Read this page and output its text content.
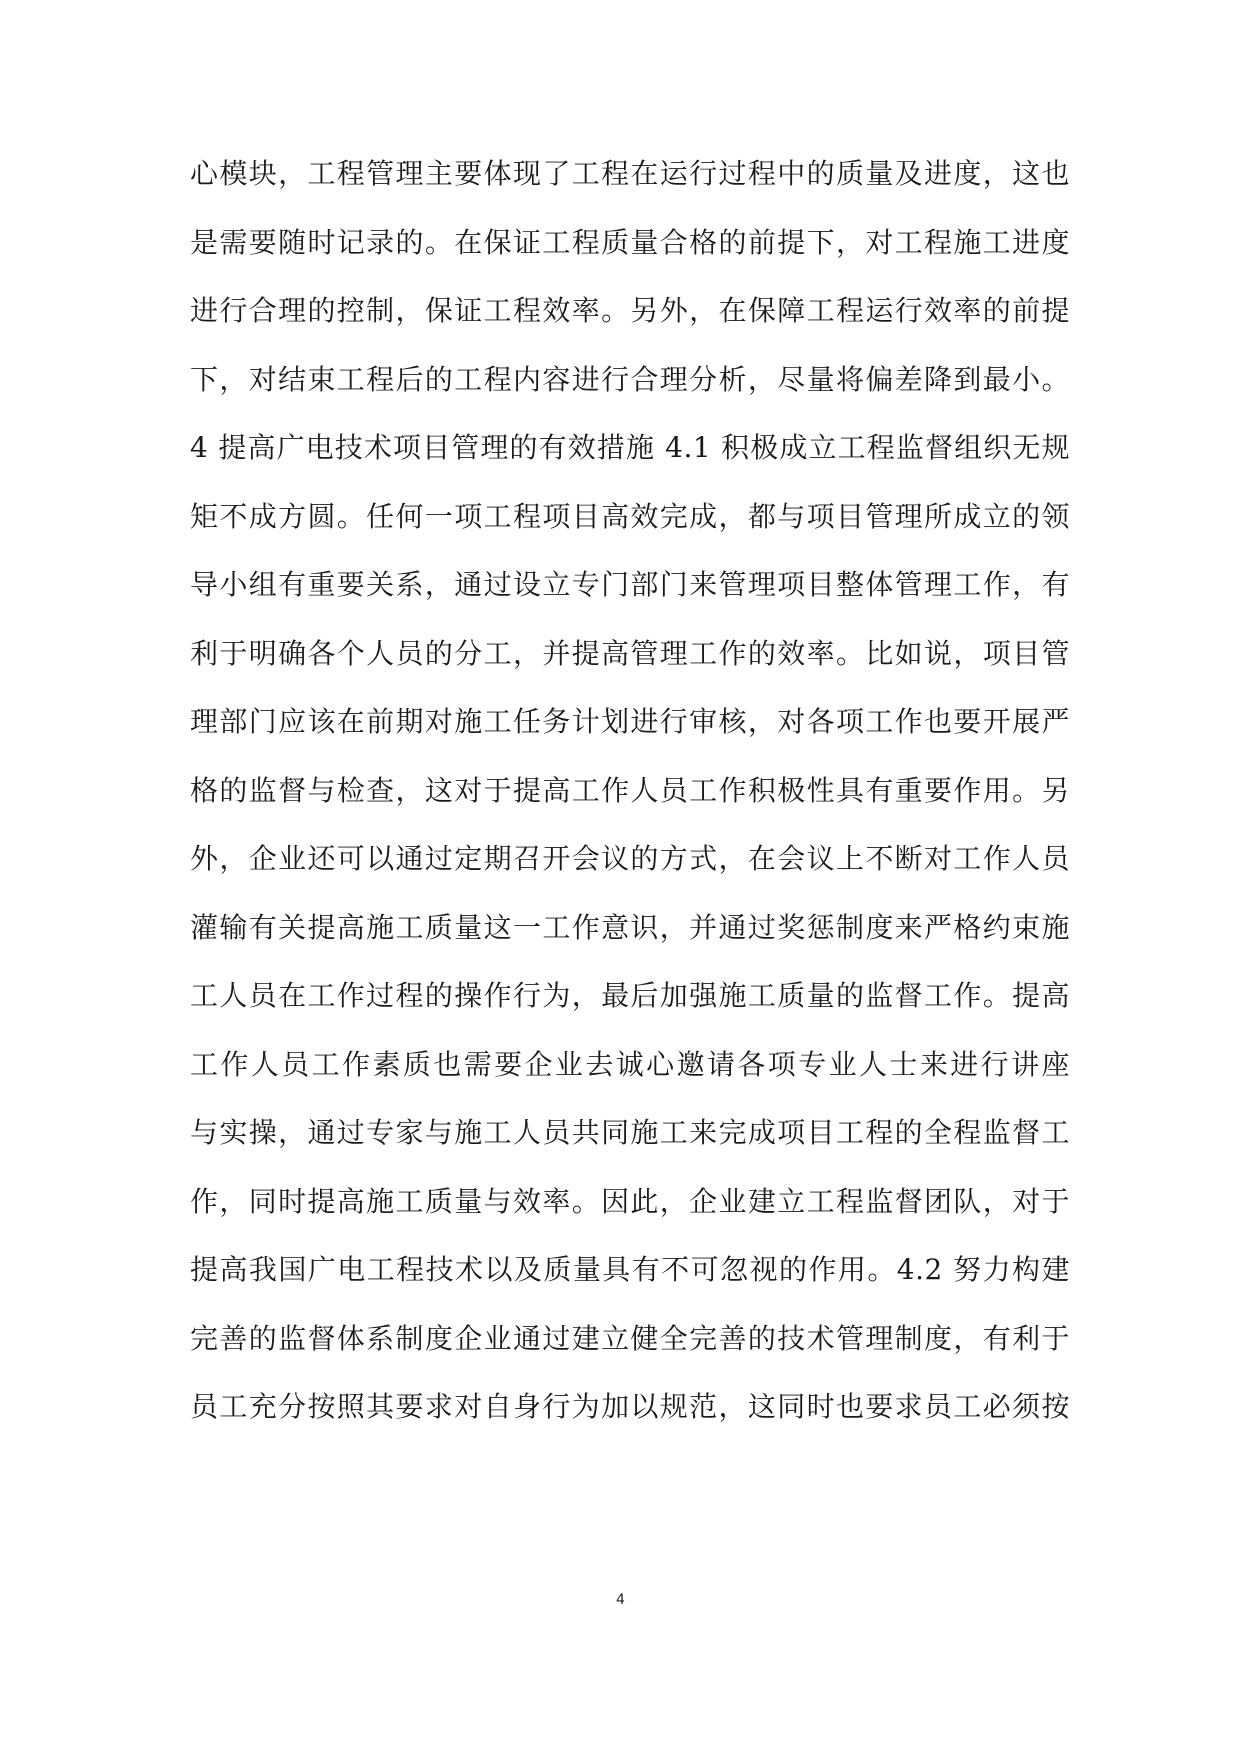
心模块，工程管理主要体现了工程在运行过程中的质量及进度，这也
是需要随时记录的。在保证工程质量合格的前提下，对工程施工进度
进行合理的控制，保证工程效率。另外，在保障工程运行效率的前提
下，对结束工程后的工程内容进行合理分析，尽量将偏差降到最小。
4 提高广电技术项目管理的有效措施 4.1 积极成立工程监督组织无规
矩不成方圆。任何一项工程项目高效完成，都与项目管理所成立的领
导小组有重要关系，通过设立专门部门来管理项目整体管理工作，有
利于明确各个人员的分工，并提高管理工作的效率。比如说，项目管
理部门应该在前期对施工任务计划进行审核，对各项工作也要开展严
格的监督与检查，这对于提高工作人员工作积极性具有重要作用。另
外，企业还可以通过定期召开会议的方式，在会议上不断对工作人员
灌输有关提高施工质量这一工作意识，并通过奖惩制度来严格约束施
工人员在工作过程的操作行为，最后加强施工质量的监督工作。提高
工作人员工作素质也需要企业去诚心邀请各项专业人士来进行讲座
与实操，通过专家与施工人员共同施工来完成项目工程的全程监督工
作，同时提高施工质量与效率。因此，企业建立工程监督团队，对于
提高我国广电工程技术以及质量具有不可忽视的作用。4.2 努力构建
完善的监督体系制度企业通过建立健全完善的技术管理制度，有利于
员工充分按照其要求对自身行为加以规范，这同时也要求员工必须按
4
